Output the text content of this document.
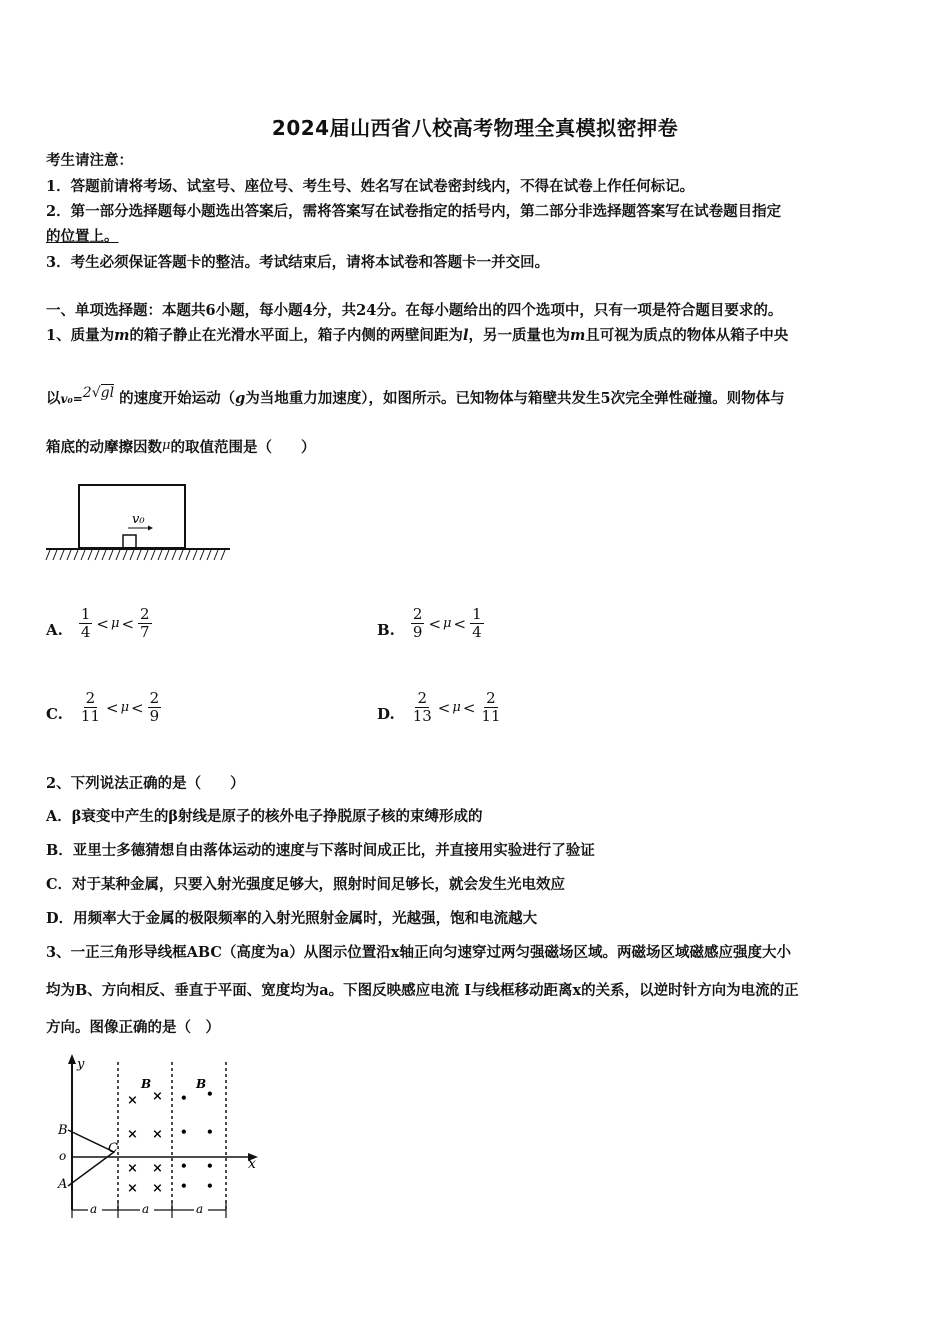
2024届山西省八校高考物理全真模拟密押卷
考生请注意：
1．答题前请将考场、试室号、座位号、考生号、姓名写在试卷密封线内，不得在试卷上作任何标记。
2．第一部分选择题每小题选出答案后，需将答案写在试卷指定的括号内，第二部分非选择题答案写在试卷题目指定
的位置上。
3．考生必须保证答题卡的整洁。考试结束后，请将本试卷和答题卡一并交回。
一、单项选择题：本题共6小题，每小题4分，共24分。在每小题给出的四个选项中，只有一项是符合题目要求的。
1、质量为m的箱子静止在光滑水平面上，箱子内侧的两壁间距为l，另一质量也为m且可视为质点的物体从箱子中央
以v₀=2√gl 的速度开始运动（g为当地重力加速度），如图所示。已知物体与箱壁共发生5次完全弹性碰撞。则物体与
箱底的动摩擦因数μ的取值范围是（　　）
v₀
A. $\frac{1}{4} < \mu < \frac{2}{7}$	B. $\frac{2}{9} < \mu < \frac{1}{4}$
C. $\frac{2}{11} < \mu < \frac{2}{9}$	D. $\frac{2}{13} < \mu < \frac{2}{11}$
2、下列说法正确的是（　　）
A．β衰变中产生的β射线是原子的核外电子挣脱原子核的束缚形成的
B．亚里士多德猜想自由落体运动的速度与下落时间成正比，并直接用实验进行了验证
C．对于某种金属，只要入射光强度足够大，照射时间足够长，就会发生光电效应
D．用频率大于金属的极限频率的入射光照射金属时，光越强，饱和电流越大
3、一正三角形导线框ABC（高度为a）从图示位置沿x轴正向匀速穿过两匀强磁场区域。两磁场区域磁感应强度大小
均为B、方向相反、垂直于平面、宽度均为a。下图反映感应电流 I与线框移动距离x的关系，以逆时针方向为电流的正
方向。图像正确的是（　）
y
x
o
B
A
C
B	B
× ×
× ×
× ×
× ×
• •
• •
• •
• •
a	a	a
